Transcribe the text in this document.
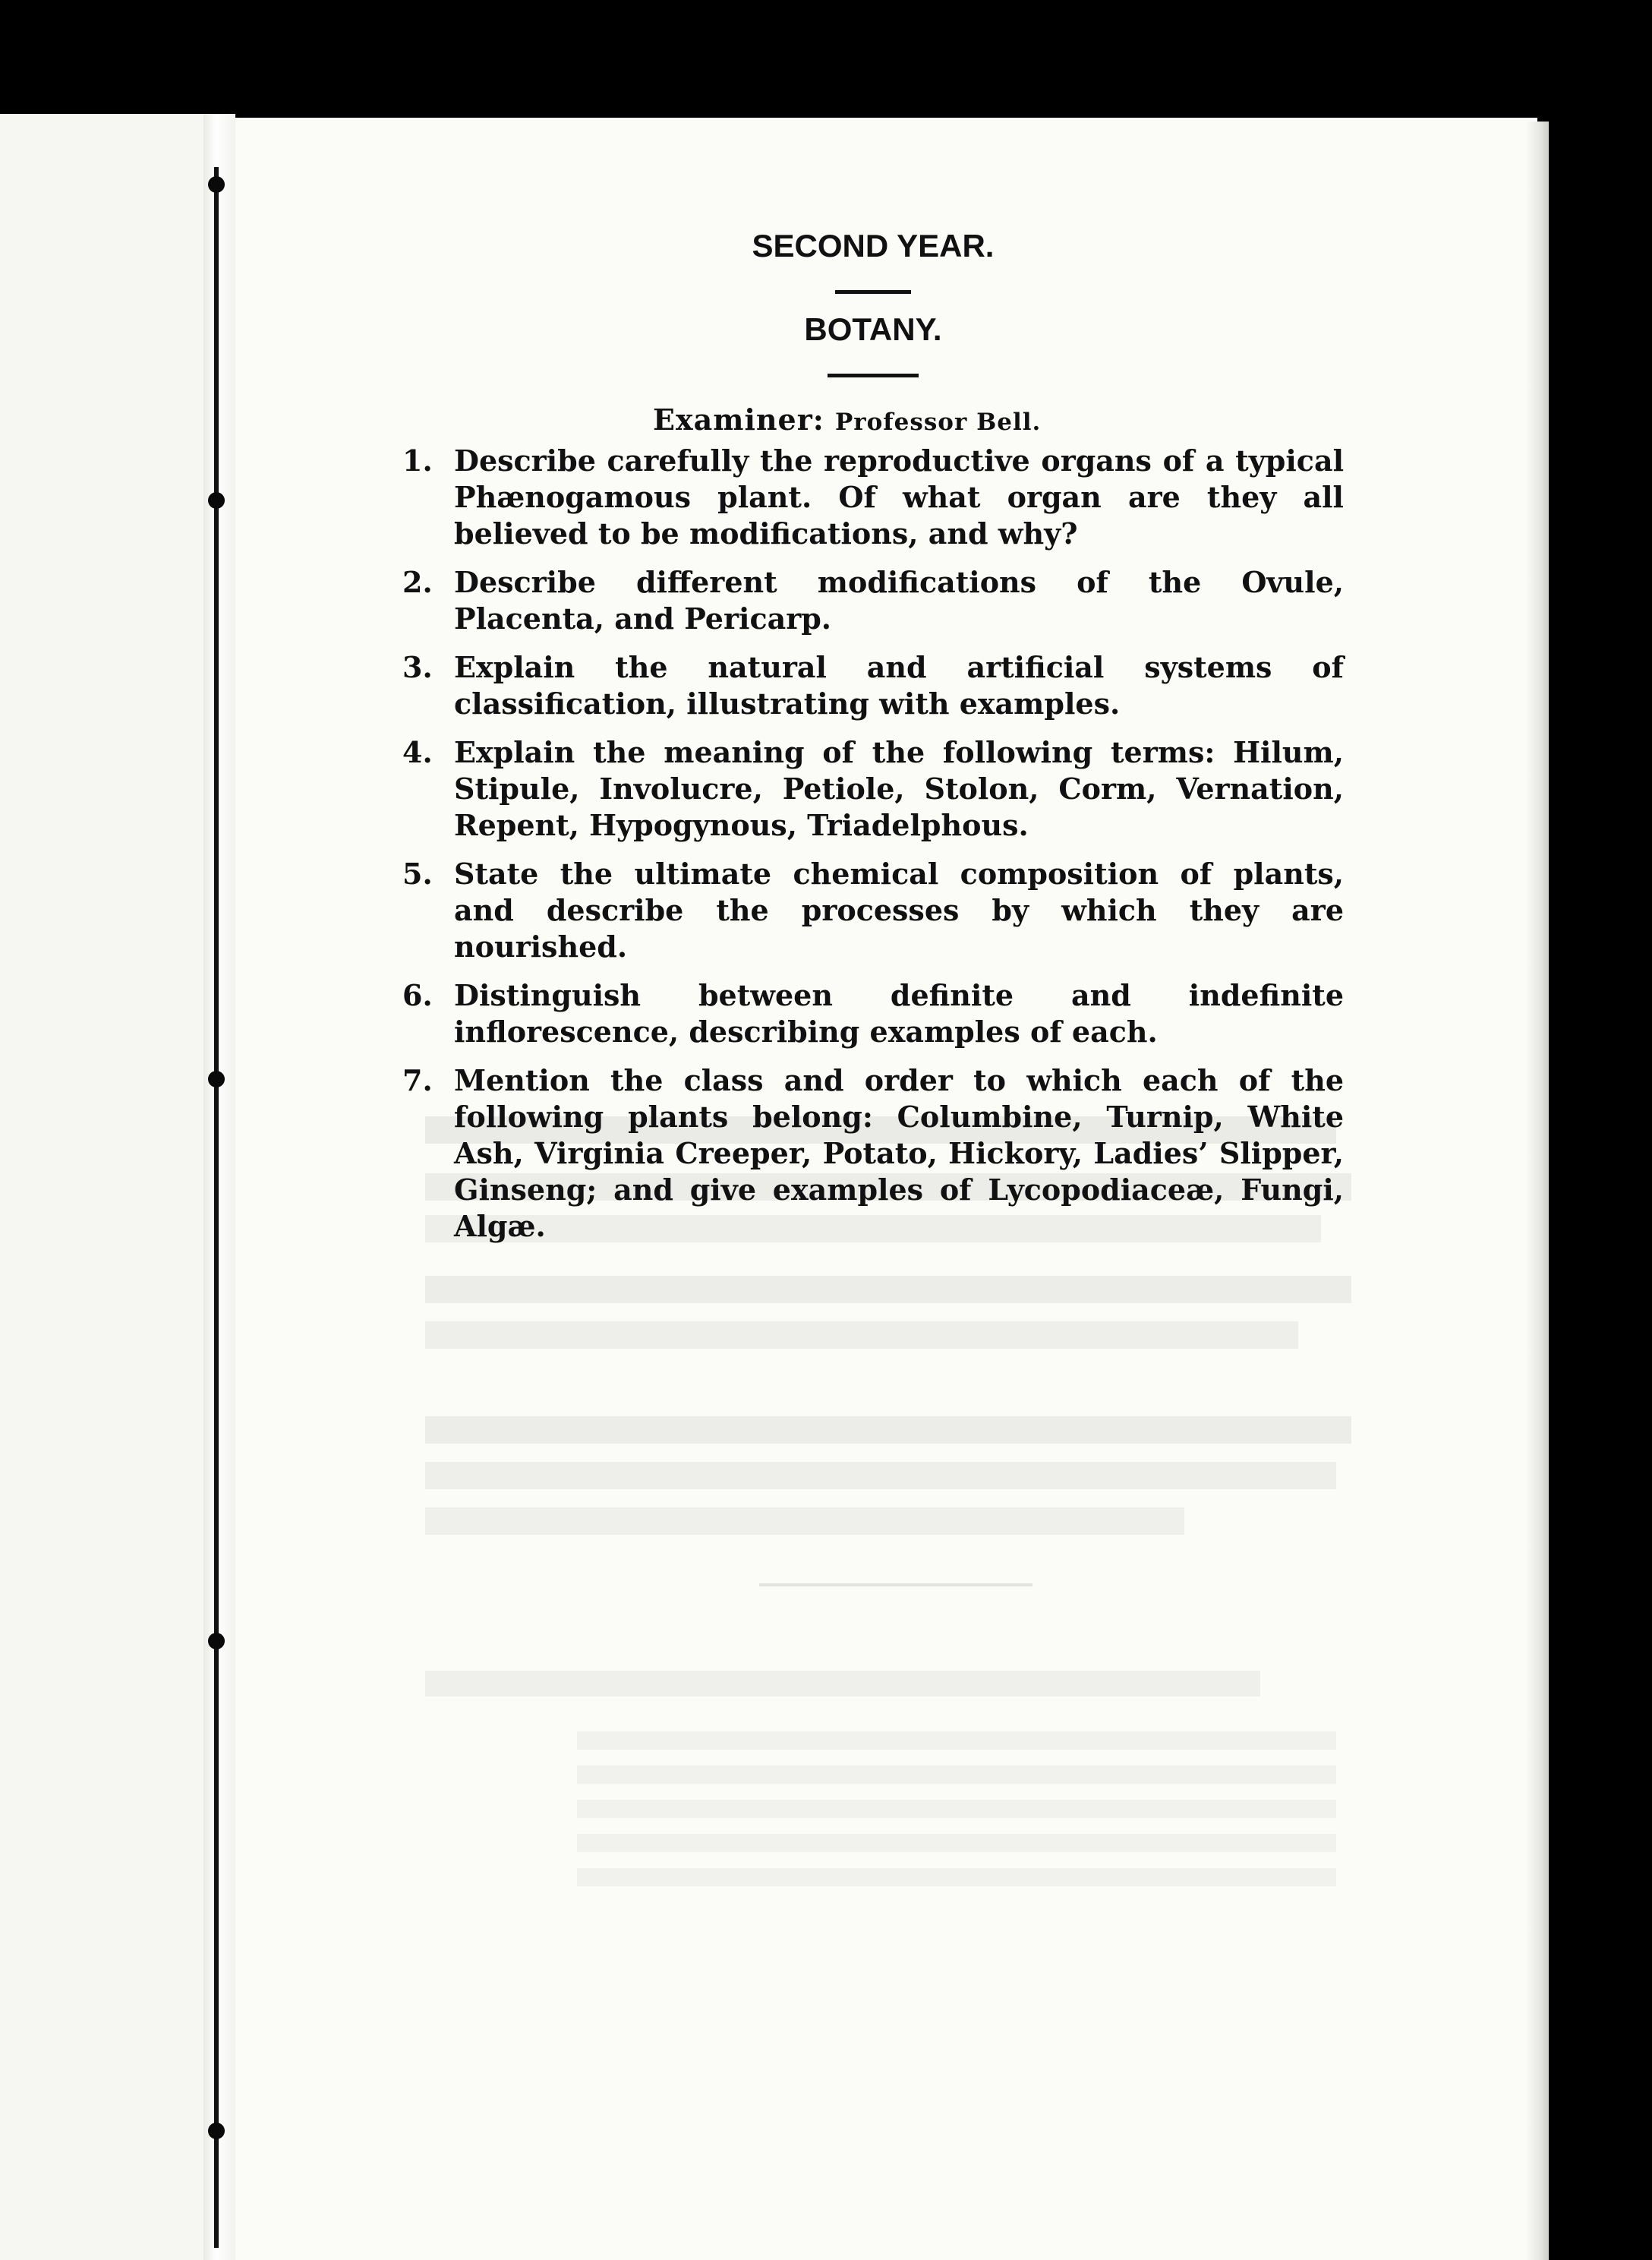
SECOND YEAR.
BOTANY.
Examiner: Professor Bell.
1. Describe carefully the reproductive organs of a typical Phænogamous plant. Of what organ are they all believed to be modifications, and why?
2. Describe different modifications of the Ovule, Placenta, and Pericarp.
3. Explain the natural and artificial systems of classification, illustrating with examples.
4. Explain the meaning of the following terms: Hilum, Stipule, Involucre, Petiole, Stolon, Corm, Vernation, Repent, Hypogynous, Triadelphous.
5. State the ultimate chemical composition of plants, and describe the processes by which they are nourished.
6. Distinguish between definite and indefinite inflorescence, describing examples of each.
7. Mention the class and order to which each of the following plants belong: Columbine, Turnip, White Ash, Virginia Creeper, Potato, Hickory, Ladies’ Slipper, Ginseng; and give examples of Lycopodiaceæ, Fungi, Algæ.
